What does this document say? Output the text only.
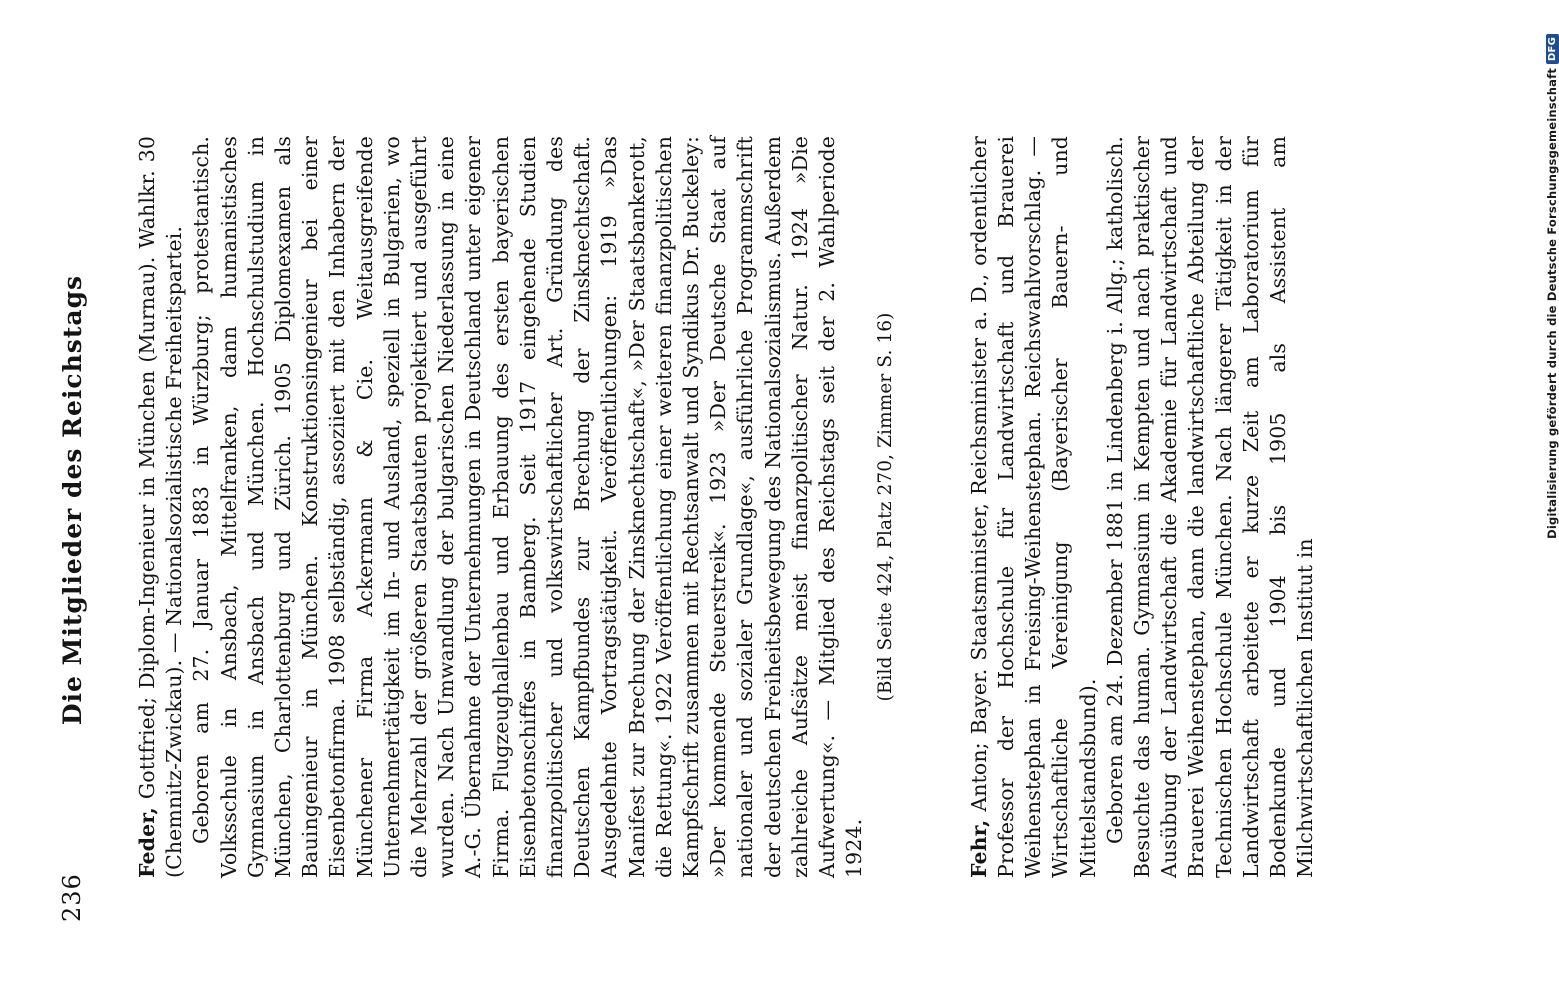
236
Die Mitglieder des Reichstags

Feder, Gottfried; Diplom-Ingenieur in München (Murnau). Wahlkr. 30 (Chemnitz-Zwickau). — Nationalsozialistische Freiheitspartei. Geboren am 27. Januar 1883 in Würzburg; protestantisch. Volksschule in Ansbach, Mittelfranken, dann humanistisches Gymnasium in Ansbach und München. Hochschulstudium in München, Charlottenburg und Zürich. 1905 Diplomexamen als Bauingenieur in München. Konstruktionsingenieur bei einer Eisenbetonfirma. 1908 selbständig, assoziiert mit den Inhabern der Münchener Firma Ackermann & Cie. Weitausgreifende Unternehmertätigkeit im In- und Ausland, speziell in Bulgarien, wo die Mehrzahl der größeren Staatsbauten projektiert und ausgeführt wurden. Nach Umwandlung der bulgarischen Niederlassung in eine A.-G. Übernahme der Unternehmungen in Deutschland unter eigener Firma. Flugzeughallenbau und Erbauung des ersten bayerischen Eisenbetonschiffes in Bamberg. Seit 1917 eingehende Studien finanzpolitischer und volkswirtschaftlicher Art. Gründung des Deutschen Kampfbundes zur Brechung der Zinsknechtschaft. Ausgedehnte Vortragstätigkeit. Veröffentlichungen: 1919 »Das Manifest zur Brechung der Zinsknechtschaft«, »Der Staatsbankerott, die Rettung«. 1922 Veröffentlichung einer weiteren finanzpolitischen Kampfschrift zusammen mit Rechtsanwalt und Syndikus Dr. Buckeley: »Der kommende Steuerstreik«. 1923 »Der Deutsche Staat auf nationaler und sozialer Grundlage«, ausführliche Programmschrift der deutschen Freiheitsbewegung des Nationalsozialismus. Außerdem zahlreiche Aufsätze meist finanzpolitischer Natur. 1924 »Die Aufwertung«. — Mitglied des Reichstags seit der 2. Wahlperiode 1924.

(Bild Seite 424, Platz 270, Zimmer S. 16)

Fehr, Anton; Bayer. Staatsminister, Reichsminister a. D., ordentlicher Professor der Hochschule für Landwirtschaft und Brauerei Weihenstephan in Freising-Weihenstephan. Reichswahlvorschlag. — Wirtschaftliche Vereinigung (Bayerischer Bauern- und Mittelstandsbund). Geboren am 24. Dezember 1881 in Lindenberg i. Allg.; katholisch. Besuchte das human. Gymnasium in Kempten und nach praktischer Ausübung der Landwirtschaft die Akademie für Landwirtschaft und Brauerei Weihenstephan, dann die landwirtschaftliche Abteilung der Technischen Hochschule München. Nach längerer Tätigkeit in der Landwirtschaft arbeitete er kurze Zeit am Laboratorium für Bodenkunde und 1904 bis 1905 als Assistent am Milchwirtschaftlichen Institut in

Digitalisierung gefördert durch die Deutsche ForschungsgemeinschaftDFG
